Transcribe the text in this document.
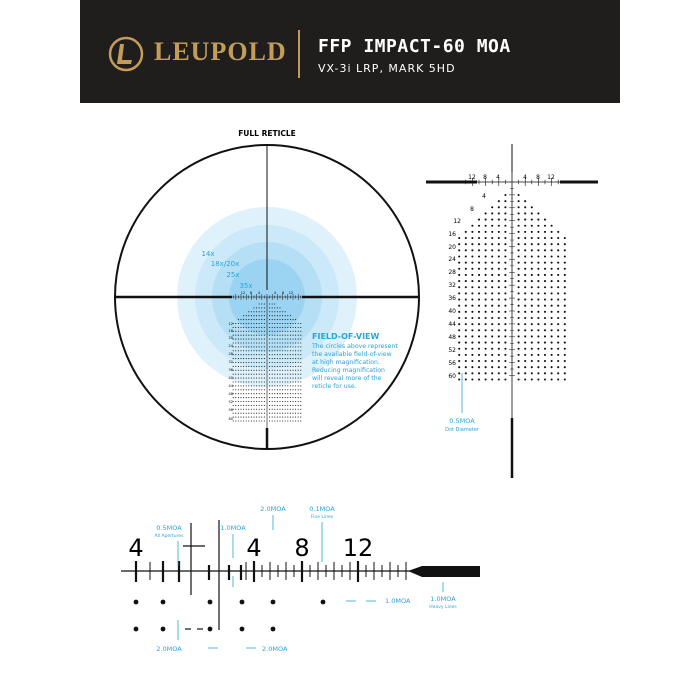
LEUPOLD FFP IMPACT-60 MOA
VX-3i LRP, MARK 5HD
FULL RETICLE
14x
18x/20x
25x
35x
12 8 4	4 8 12
12
16
20
24
28
32
36
40
44
48
52
56
60
FIELD-OF-VIEW
The circles above represent
the available field-of-view
at high magnification.
Reducing magnification
will reveal more of the
reticle for use.
12 8 4	4 8 12
4
8
12
16
20
24
28
32
36
40
44
48
52
56
60
0.5MOA
Dot Diameter
4	4 8 12
0.5MOA
All Apertures
1.0MOA
2.0MOA	0.1MOA
Fine Lines
1.0MOA	1.0MOA
Heavy Lines
2.0MOA	2.0MOA
